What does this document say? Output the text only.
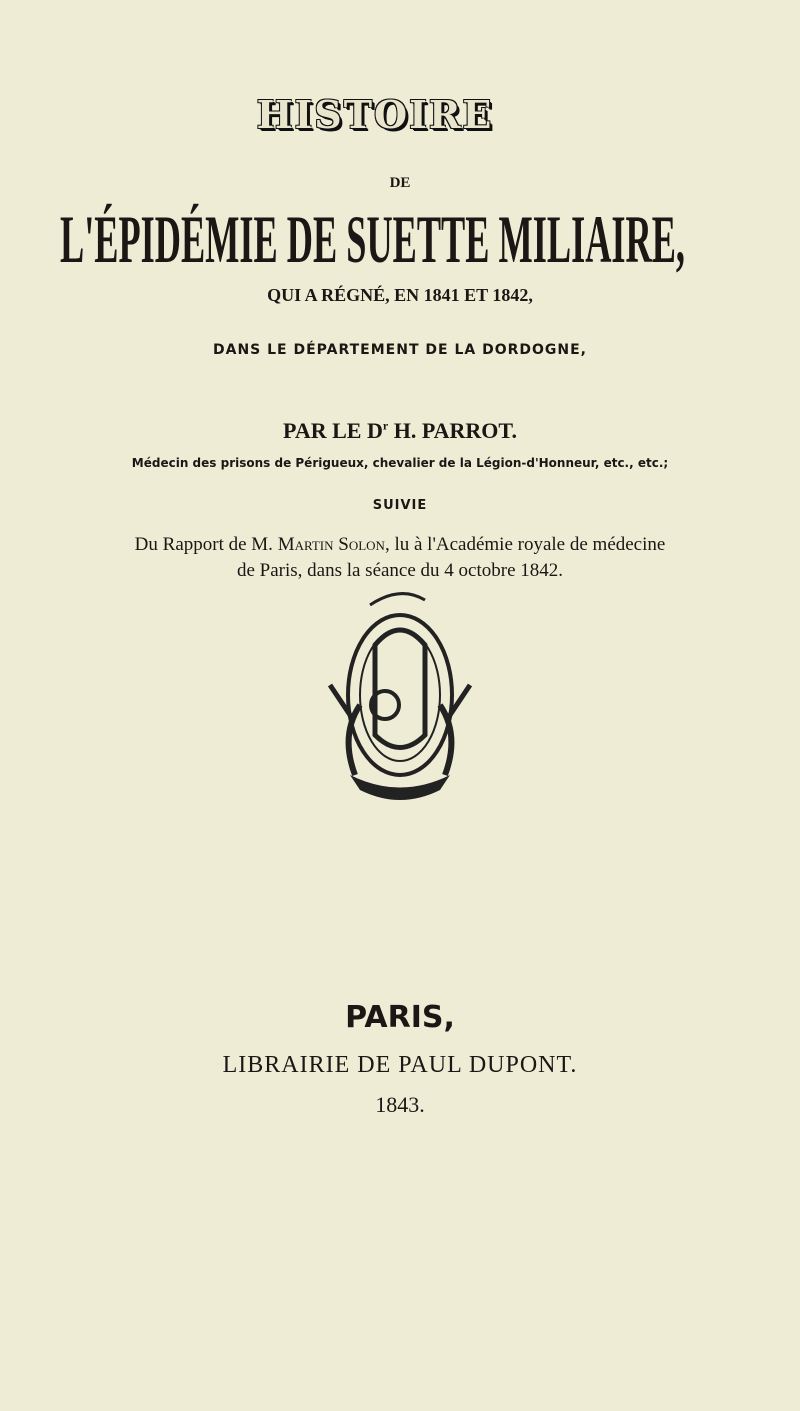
HISTOIRE
DE
L'ÉPIDÉMIE DE SUETTE MILIAIRE,
QUI A RÉGNÉ, EN 1841 ET 1842,
DANS LE DÉPARTEMENT DE LA DORDOGNE,
PAR LE $D^r$ H. PARROT.
Médecin des prisons de Périgueux, chevalier de la Légion-d'Honneur, etc., etc.;
SUIVIE
Du Rapport de M. Martin Solon, lu à l'Académie royale de médecine
de Paris, dans la séance du 4 octobre 1842.
PARIS,
LIBRAIRIE DE PAUL DUPONT.
1843.
